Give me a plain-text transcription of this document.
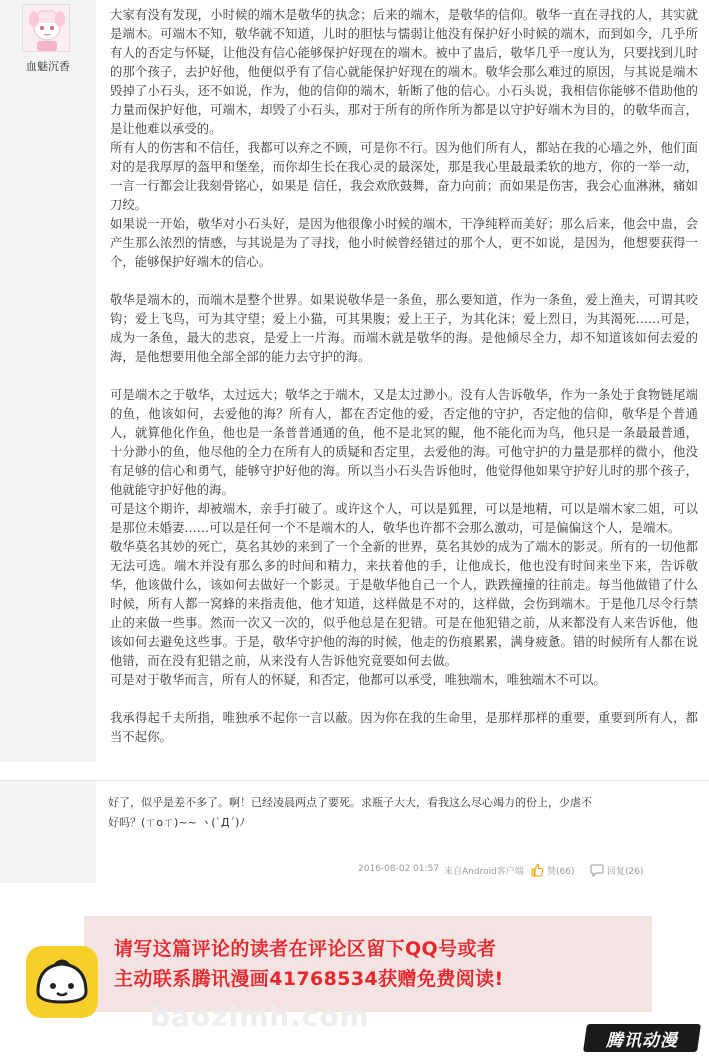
血魅沉香

大家有没有发现，小时候的端木是敬华的执念；后来的端木，是敬华的信仰。敬华一直在寻找的人，其实就是端木。可端木不知，敬华就不知道，儿时的胆怯与懦弱让他没有保护好小时候的端木，而到如今，几乎所有人的否定与怀疑，让他没有信心能够保护好现在的端木。被中了蛊后，敬华几乎一度认为，只要找到儿时的那个孩子，去护好他，他便似乎有了信心就能保护好现在的端木。敬华会那么难过的原因，与其说是端木毁掉了小石头，还不如说，作为，他的信仰的端木，斩断了他的信心。小石头说，我相信你能够不借助他的力量而保护好他，可端木，却毁了小石头，那对于所有的所作所为都是以守护好端木为目的，的敬华而言，是让他难以承受的。

所有人的伤害和不信任，我都可以弃之不顾，可是你不行。因为他们所有人，都站在我的心墙之外，他们面对的是我厚厚的盔甲和堡垒，而你却生长在我心灵的最深处，那是我心里最最柔软的地方，你的一举一动，一言一行都会让我刻骨铭心，如果是 信任，我会欢欣鼓舞，奋力向前；而如果是伤害，我会心血淋淋，痛如刀绞。

如果说一开始，敬华对小石头好，是因为他很像小时候的端木，干净纯粹而美好；那么后来，他会中蛊，会产生那么浓烈的情感，与其说是为了寻找，他小时候曾经错过的那个人，更不如说，是因为，他想要获得一个，能够保护好端木的信心。

敬华是端木的，而端木是整个世界。如果说敬华是一条鱼，那么要知道，作为一条鱼，爱上渔夫，可谓其咬钩；爱上飞鸟，可为其守望；爱上小猫，可其果腹；爱上王子，为其化沫；爱上烈日，为其渴死……可是，成为一条鱼，最大的悲哀，是爱上一片海。而端木就是敬华的海。是他倾尽全力，却不知道该如何去爱的海，是他想要用他全部全部的能力去守护的海。

可是端木之于敬华，太过远大；敬华之于端木，又是太过渺小。没有人告诉敬华，作为一条处于食物链尾端的鱼，他该如何，去爱他的海？所有人，都在否定他的爱，否定他的守护，否定他的信仰，敬华是个普通人，就算他化作鱼，他也是一条普普通通的鱼，他不是北冥的鲲，他不能化而为鸟，他只是一条最最普通，十分渺小的鱼，他尽他的全力在所有人的质疑和否定里，去爱他的海。可他守护的力量是那样的微小，他没有足够的信心和勇气，能够守护好他的海。所以当小石头告诉他时，他觉得他如果守护好儿时的那个孩子，他就能守护好他的海。

可是这个期许，却被端木，亲手打破了。或许这个人，可以是狐狸，可以是地精，可以是端木家二姐，可以是那位未婚妻……可以是任何一个不是端木的人，敬华也许都不会那么激动，可是偏偏这个人，是端木。

敬华莫名其妙的死亡，莫名其妙的来到了一个全新的世界，莫名其妙的成为了端木的影灵。所有的一切他都无法可选。端木并没有那么多的时间和精力，来扶着他的手，让他成长，他也没有时间来坐下来，告诉敬华，他该做什么，该如何去做好一个影灵。于是敬华他自己一个人，跌跌撞撞的往前走。每当他做错了什么时候，所有人都一窝蜂的来指责他，他才知道，这样做是不对的，这样做，会伤到端木。于是他几尽令行禁止的来做一些事。然而一次又一次的，似乎他总是在犯错。可是在他犯错之前，从来都没有人来告诉他，他该如何去避免这些事。于是，敬华守护他的海的时候，他走的伤痕累累，满身疲惫。错的时候所有人都在说他错，而在没有犯错之前，从来没有人告诉他究竟要如何去做。

可是对于敬华而言，所有人的怀疑，和否定，他都可以承受，唯独端木，唯独端木不可以。

我承得起千夫所指，唯独承不起你一言以蔽。因为你在我的生命里，是那样那样的重要，重要到所有人，都当不起你。

好了，似乎是差不多了。啊！已经凌晨两点了要死。求瓶子大大，看我这么尽心竭力的份上，少虐不好吗？(ㄒoㄒ)~~ ヽ(`Д´)ﾉ
2016-08-02 01:57 来自Android客户端	赞(66)	回复(26)
请写这篇评论的读者在评论区留下QQ号或者
主动联系腾讯漫画41768534获赠免费阅读!
baozimh.com
腾讯动漫
